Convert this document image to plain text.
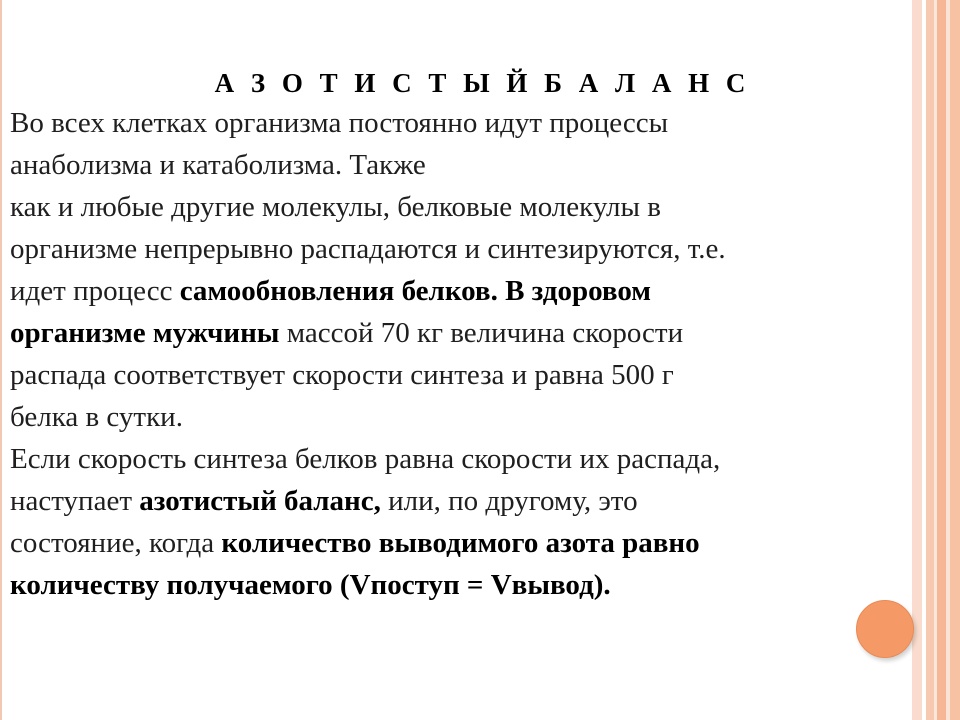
А З О Т И С Т Ы Й Б А Л А Н С
Во всех клетках организма постоянно идут процессы
анаболизма и катаболизма. Также
как и любые другие молекулы, белковые молекулы в
организме непрерывно распадаются и синтезируются, т.е.
идет процесс самообновления белков. В здоровом
организме мужчины массой 70 кг величина скорости
распада соответствует скорости синтеза и равна 500 г
белка в сутки.
Если скорость синтеза белков равна скорости их распада,
наступает азотистый баланс, или, по другому, это
состояние, когда количество выводимого азота равно
количеству получаемого (Vпоступ = Vвывод).
